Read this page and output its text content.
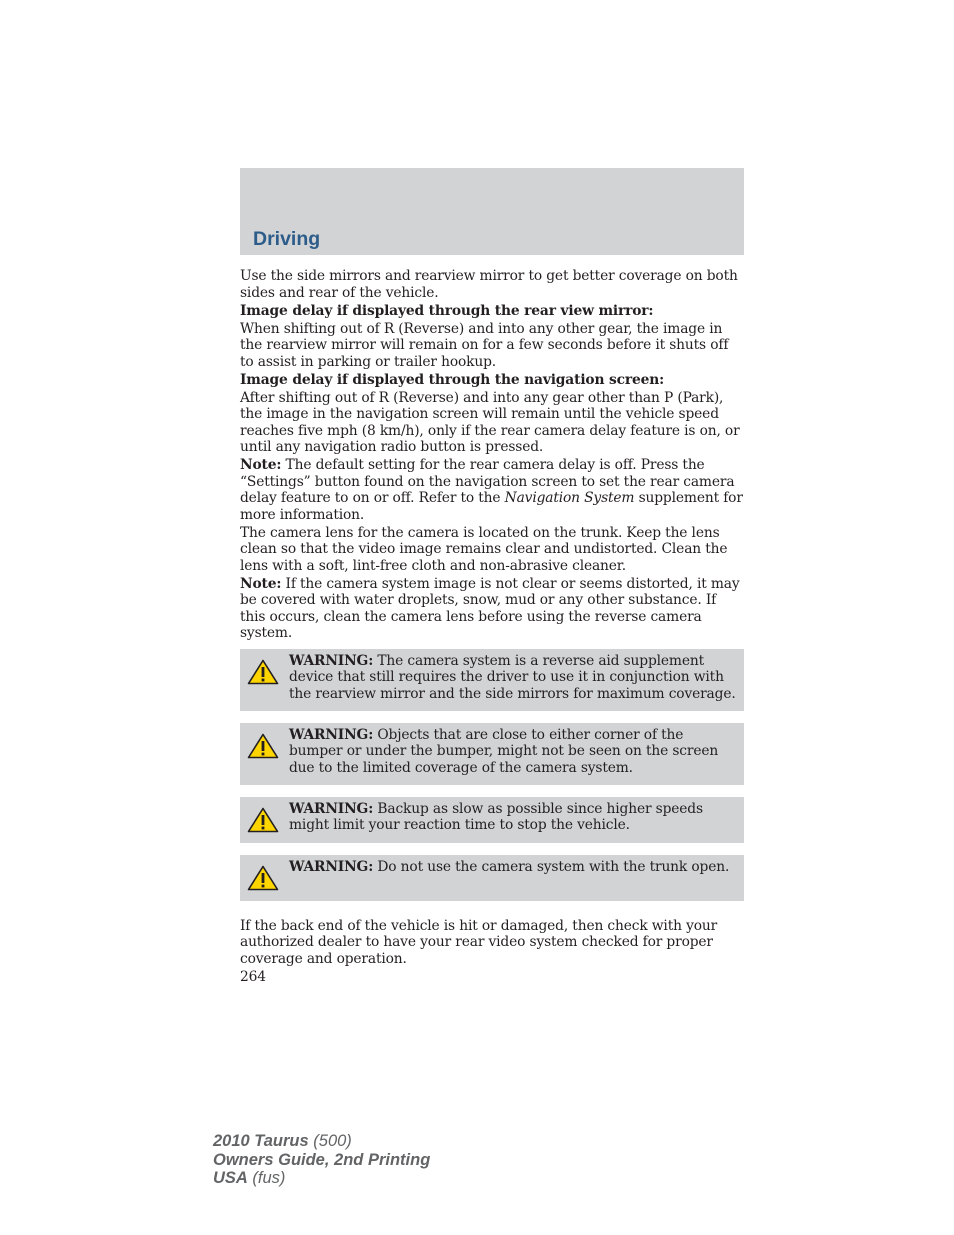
Driving

Use the side mirrors and rearview mirror to get better coverage on both sides and rear of the vehicle.

Image delay if displayed through the rear view mirror:

When shifting out of R (Reverse) and into any other gear, the image in the rearview mirror will remain on for a few seconds before it shuts off to assist in parking or trailer hookup.

Image delay if displayed through the navigation screen:

After shifting out of R (Reverse) and into any gear other than P (Park), the image in the navigation screen will remain until the vehicle speed reaches five mph (8 km/h), only if the rear camera delay feature is on, or until any navigation radio button is pressed.

Note: The default setting for the rear camera delay is off. Press the “Settings” button found on the navigation screen to set the rear camera delay feature to on or off. Refer to the Navigation System supplement for more information.

The camera lens for the camera is located on the trunk. Keep the lens clean so that the video image remains clear and undistorted. Clean the lens with a soft, lint-free cloth and non-abrasive cleaner.

Note: If the camera system image is not clear or seems distorted, it may be covered with water droplets, snow, mud or any other substance. If this occurs, clean the camera lens before using the reverse camera system.

WARNING: The camera system is a reverse aid supplement device that still requires the driver to use it in conjunction with the rearview mirror and the side mirrors for maximum coverage.
WARNING: Objects that are close to either corner of the bumper or under the bumper, might not be seen on the screen due to the limited coverage of the camera system.
WARNING: Backup as slow as possible since higher speeds might limit your reaction time to stop the vehicle.
WARNING: Do not use the camera system with the trunk open.

If the back end of the vehicle is hit or damaged, then check with your authorized dealer to have your rear video system checked for proper coverage and operation.

264

2010 Taurus (500)
Owners Guide, 2nd Printing
USA (fus)
